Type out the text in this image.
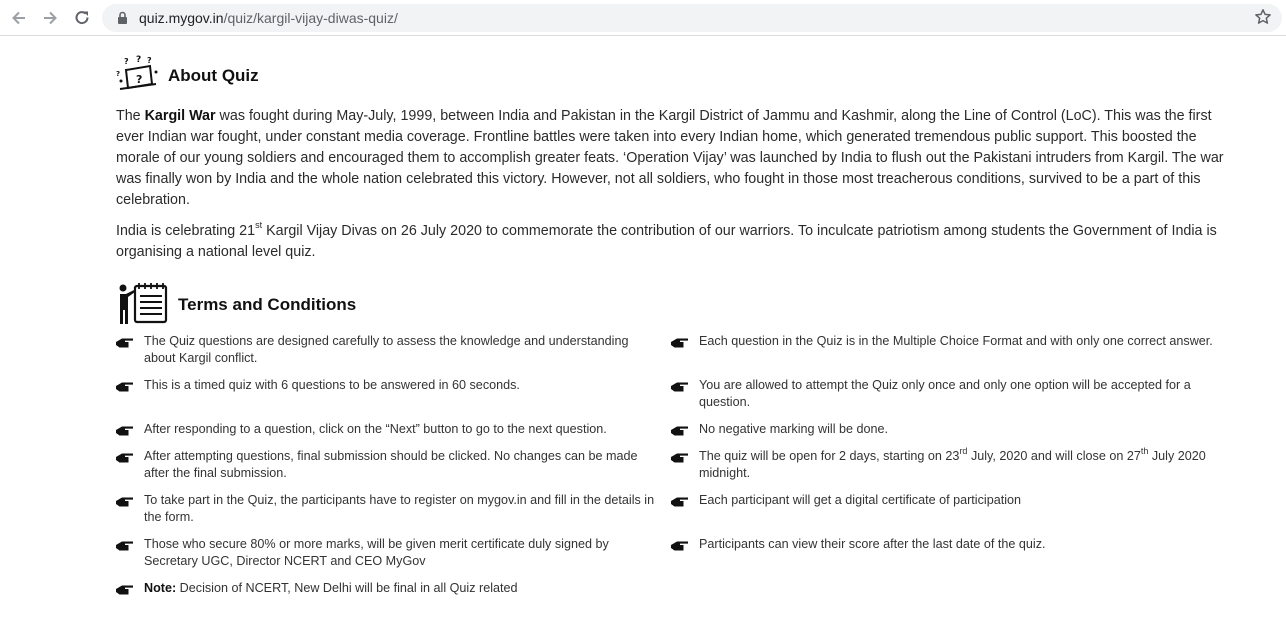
quiz.mygov.in/quiz/kargil-vijay-diwas-quiz/
?
? ? ?
?	About Quiz

The Kargil War was fought during May-July, 1999, between India and Pakistan in the Kargil District of Jammu and Kashmir, along the Line of Control (LoC). This was the first ever Indian war fought, under constant media coverage. Frontline battles were taken into every Indian home, which generated tremendous public support. This boosted the morale of our young soldiers and encouraged them to accomplish greater feats. ‘Operation Vijay’ was launched by India to flush out the Pakistani intruders from Kargil. The war was finally won by India and the whole nation celebrated this victory. However, not all soldiers, who fought in those most treacherous conditions, survived to be a part of this celebration.

India is celebrating 21st Kargil Vijay Divas on 26 July 2020 to commemorate the contribution of our warriors. To inculcate patriotism among students the Government of India is organising a national level quiz.

Terms and Conditions
The Quiz questions are designed carefully to assess the knowledge and understanding about Kargil conflict.
This is a timed quiz with 6 questions to be answered in 60 seconds.
After responding to a question, click on the “Next” button to go to the next question.
After attempting questions, final submission should be clicked. No changes can be made after the final submission.
To take part in the Quiz, the participants have to register on mygov.in and fill in the details in the form.
Those who secure 80% or more marks, will be given merit certificate duly signed by Secretary UGC, Director NCERT and CEO MyGov
Note: Decision of NCERT, New Delhi will be final in all Quiz related
Each question in the Quiz is in the Multiple Choice Format and with only one correct answer.
You are allowed to attempt the Quiz only once and only one option will be accepted for a question.
No negative marking will be done.
The quiz will be open for 2 days, starting on 23rd July, 2020 and will close on 27th July 2020 midnight.
Each participant will get a digital certificate of participation
Participants can view their score after the last date of the quiz.
